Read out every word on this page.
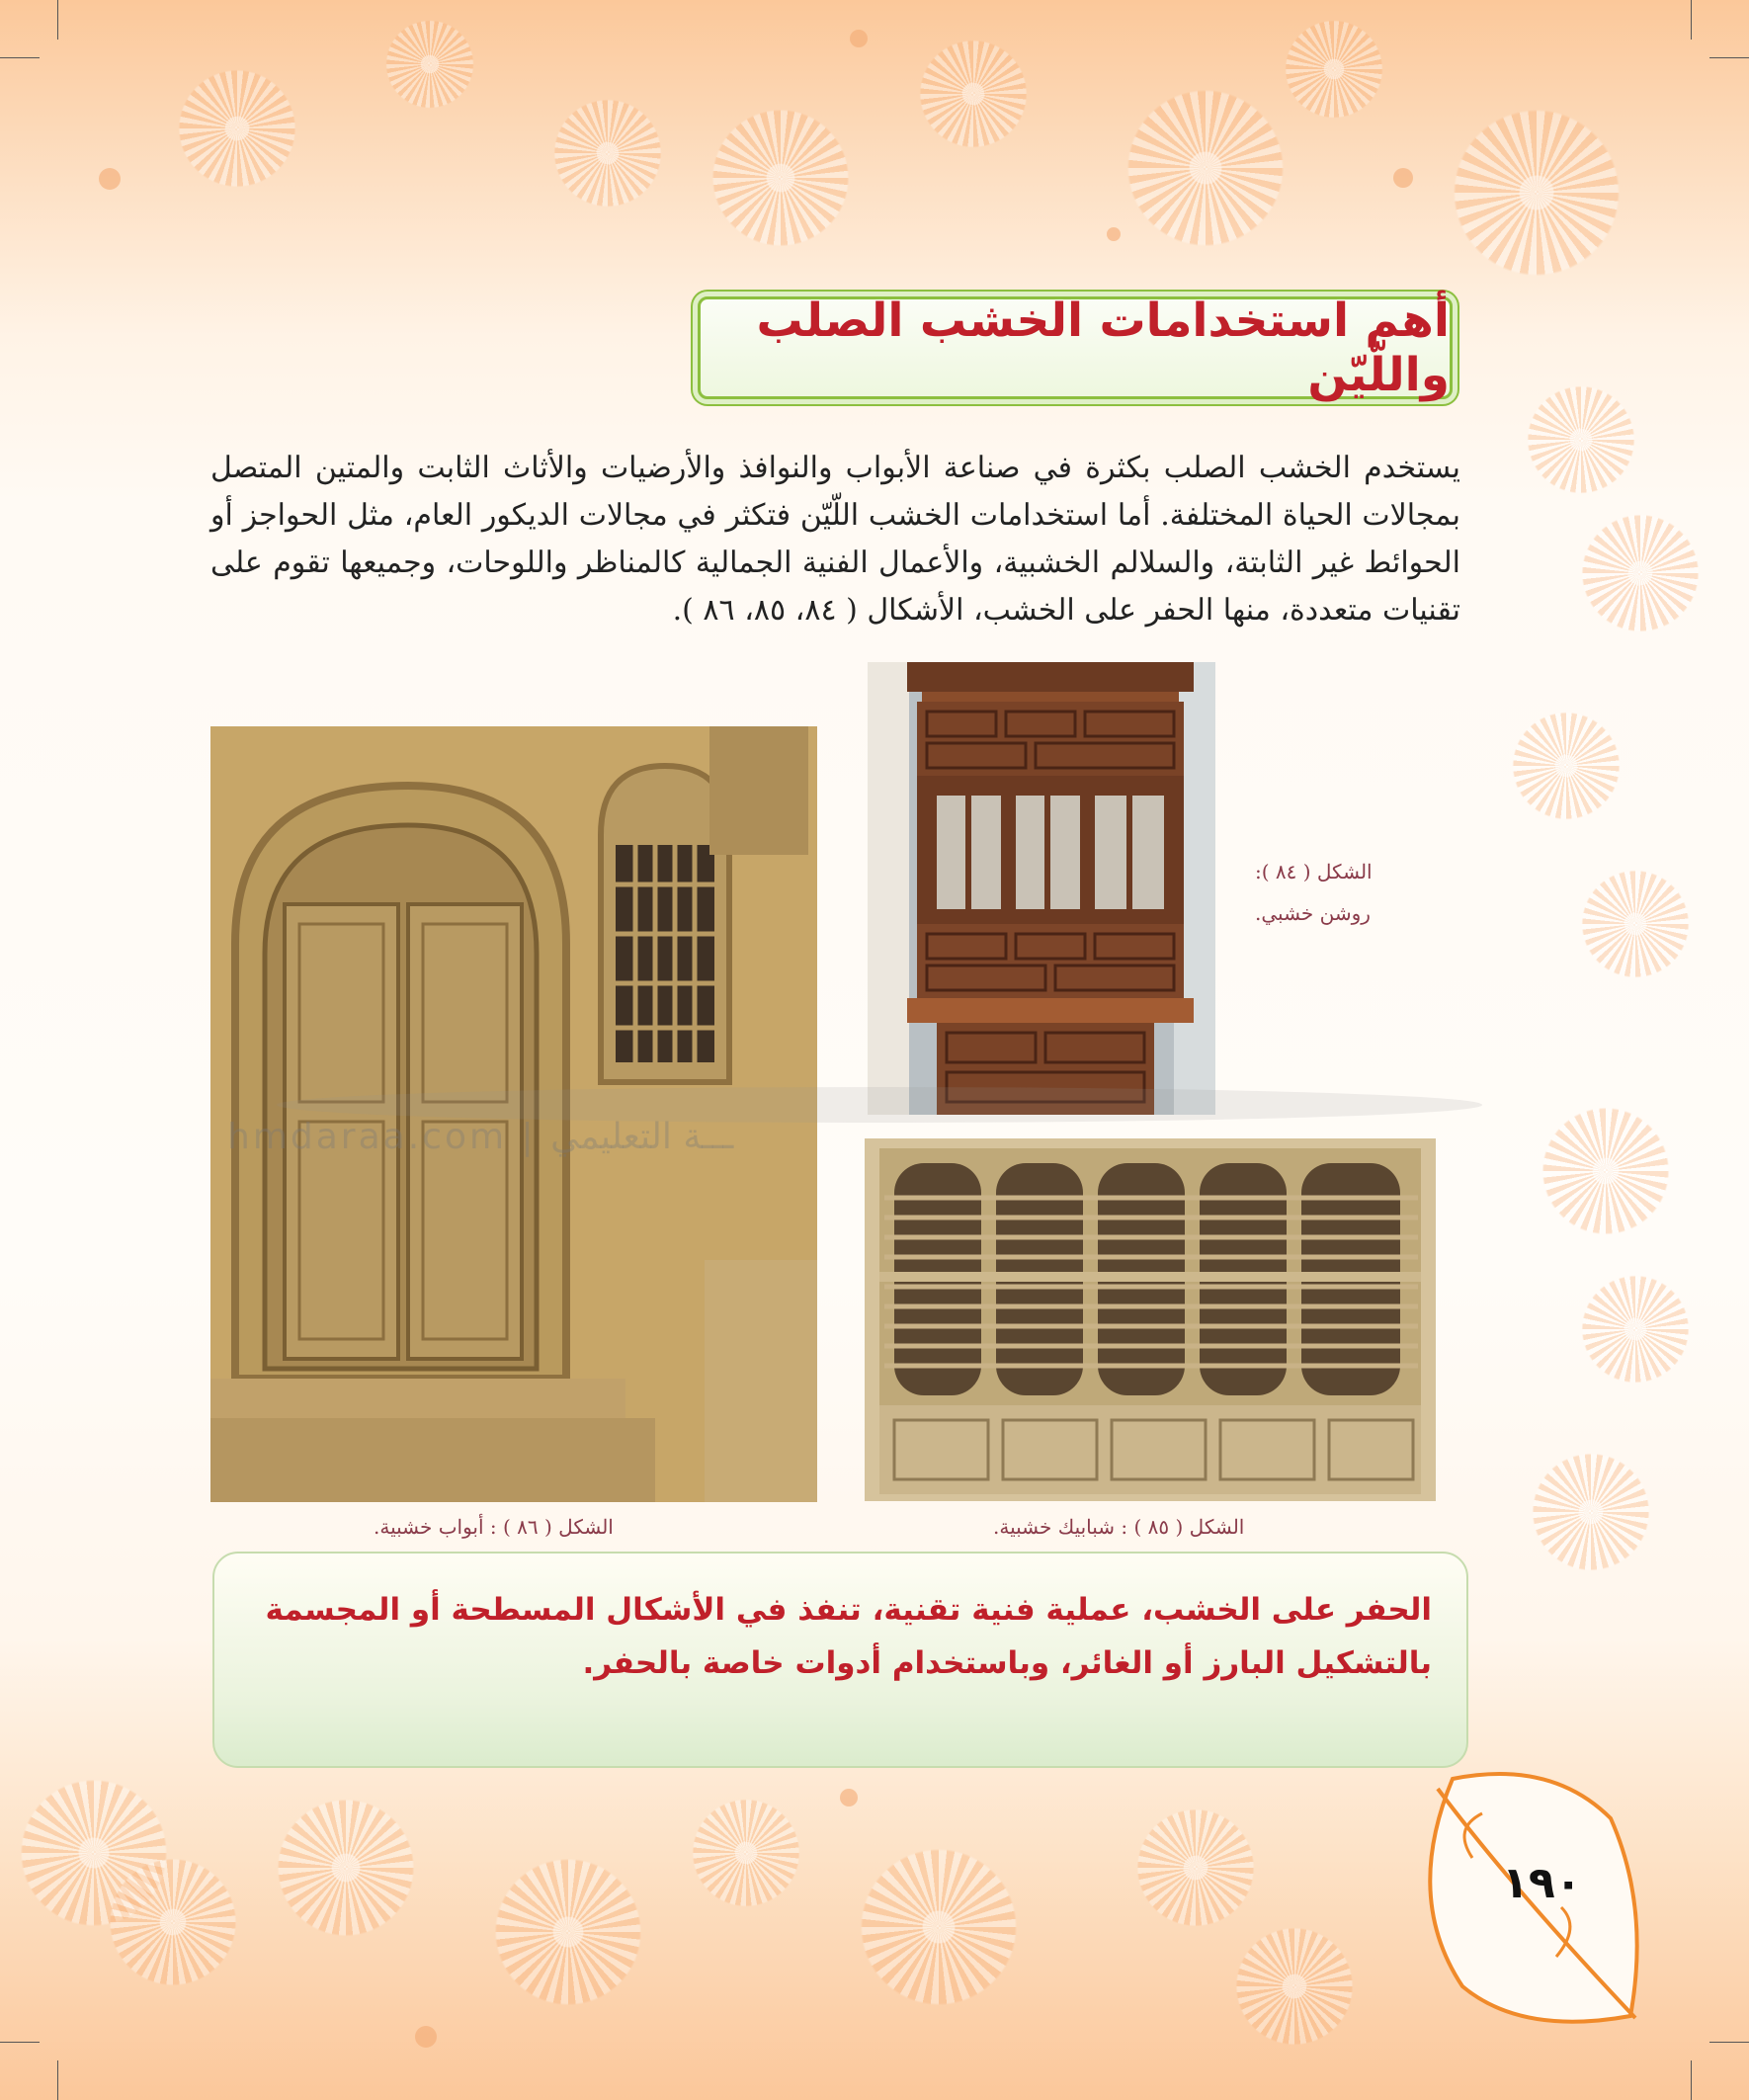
أهم استخدامات الخشب الصلب واللّيّن

يستخدم الخشب الصلب بكثرة في صناعة الأبواب والنوافذ والأرضيات والأثاث الثابت والمتين المتصل بمجالات الحياة المختلفة. أما استخدامات الخشب اللّيّن فتكثر في مجالات الديكور العام، مثل الحواجز أو الحوائط غير الثابتة، والسلالم الخشبية، والأعمال الفنية الجمالية كالمناظر واللوحات، وجميعها تقوم على تقنيات متعددة، منها الحفر على الخشب، الأشكال ( ٨٤، ٨٥، ٨٦ ).

hmdaraa.com | ـــة التعليمي
الشكل ( ٨٤ ):
روشن خشبي.
الشكل ( ٨٥ ) : شبابيك خشبية.
الشكل ( ٨٦ ) : أبواب خشبية.
الحفر على الخشب، عملية فنية تقنية، تنفذ في الأشكال المسطحة أو المجسمة بالتشكيل البارز أو الغائر، وباستخدام أدوات خاصة بالحفر.
١٩٠
